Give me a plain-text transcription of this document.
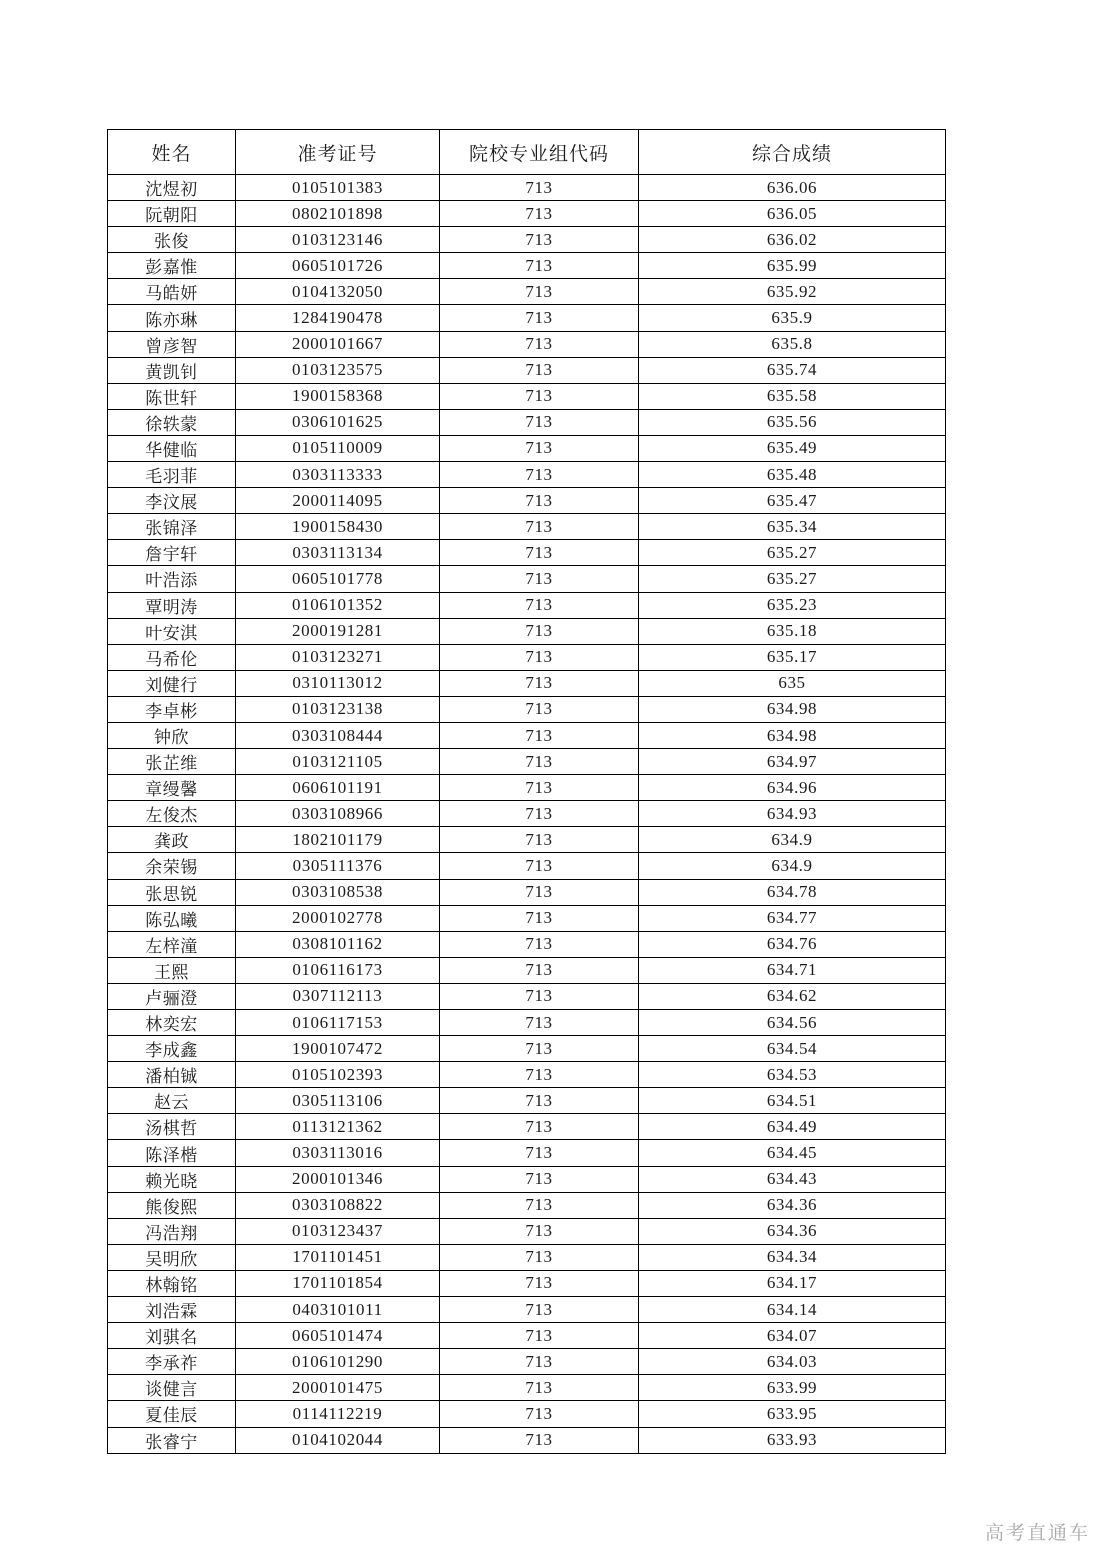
姓名	准考证号	院校专业组代码	综合成绩
沈煜初	0105101383	713	636.06
阮朝阳	0802101898	713	636.05
张俊	0103123146	713	636.02
彭嘉惟	0605101726	713	635.99
马皓妍	0104132050	713	635.92
陈亦琳	1284190478	713	635.9
曾彦智	2000101667	713	635.8
黄凯钊	0103123575	713	635.74
陈世轩	1900158368	713	635.58
徐轶蒙	0306101625	713	635.56
华健临	0105110009	713	635.49
毛羽菲	0303113333	713	635.48
李汶展	2000114095	713	635.47
张锦泽	1900158430	713	635.34
詹宇轩	0303113134	713	635.27
叶浩添	0605101778	713	635.27
覃明涛	0106101352	713	635.23
叶安淇	2000191281	713	635.18
马希伦	0103123271	713	635.17
刘健行	0310113012	713	635
李卓彬	0103123138	713	634.98
钟欣	0303108444	713	634.98
张芷维	0103121105	713	634.97
章缦馨	0606101191	713	634.96
左俊杰	0303108966	713	634.93
龚政	1802101179	713	634.9
余荣锡	0305111376	713	634.9
张思锐	0303108538	713	634.78
陈弘曦	2000102778	713	634.77
左梓潼	0308101162	713	634.76
王熙	0106116173	713	634.71
卢骊澄	0307112113	713	634.62
林奕宏	0106117153	713	634.56
李成鑫	1900107472	713	634.54
潘柏铖	0105102393	713	634.53
赵云	0305113106	713	634.51
汤棋哲	0113121362	713	634.49
陈泽楷	0303113016	713	634.45
赖光晓	2000101346	713	634.43
熊俊熙	0303108822	713	634.36
冯浩翔	0103123437	713	634.36
吴明欣	1701101451	713	634.34
林翰铭	1701101854	713	634.17
刘浩霖	0403101011	713	634.14
刘骐名	0605101474	713	634.07
李承祚	0106101290	713	634.03
谈健言	2000101475	713	633.99
夏佳辰	0114112219	713	633.95
张睿宁	0104102044	713	633.93
高考直通车
